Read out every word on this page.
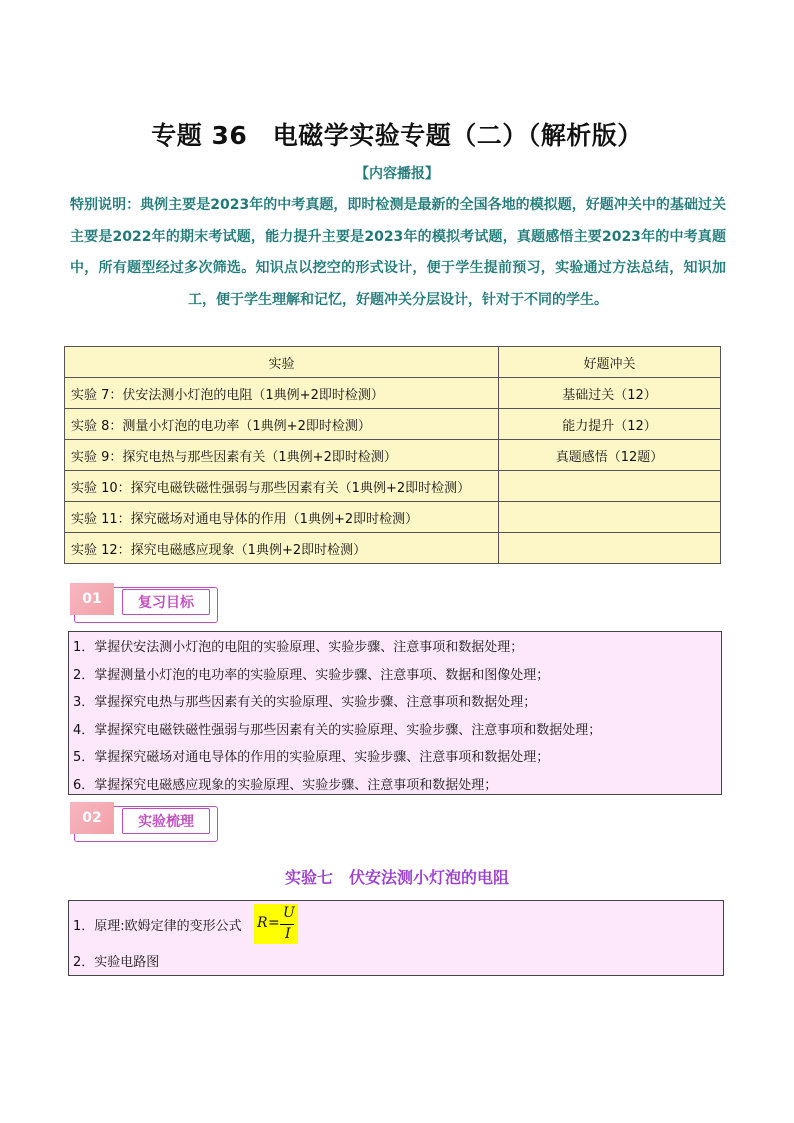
专题 36　电磁学实验专题（二）（解析版）
【内容播报】
特别说明：典例主要是2023年的中考真题，即时检测是最新的全国各地的模拟题，好题冲关中的基础过关主要是2022年的期末考试题，能力提升主要是2023年的模拟考试题，真题感悟主要2023年的中考真题中，所有题型经过多次筛选。知识点以挖空的形式设计，便于学生提前预习，实验通过方法总结，知识加工，便于学生理解和记忆，好题冲关分层设计，针对于不同的学生。
实验	好题冲关
实验 7：伏安法测小灯泡的电阻（1典例+2即时检测）	基础过关（12）
实验 8：测量小灯泡的电功率（1典例+2即时检测）	能力提升（12）
实验 9：探究电热与那些因素有关（1典例+2即时检测）	真题感悟（12题）
实验 10：探究电磁铁磁性强弱与那些因素有关（1典例+2即时检测）	
实验 11：探究磁场对通电导体的作用（1典例+2即时检测）	
实验 12：探究电磁感应现象（1典例+2即时检测）	
01	复习目标
1．掌握伏安法测小灯泡的电阻的实验原理、实验步骤、注意事项和数据处理；
2．掌握测量小灯泡的电功率的实验原理、实验步骤、注意事项、数据和图像处理；
3．掌握探究电热与那些因素有关的实验原理、实验步骤、注意事项和数据处理；
4．掌握探究电磁铁磁性强弱与那些因素有关的实验原理、实验步骤、注意事项和数据处理；
5．掌握探究磁场对通电导体的作用的实验原理、实验步骤、注意事项和数据处理；
6．掌握探究电磁感应现象的实验原理、实验步骤、注意事项和数据处理；
02	实验梳理
实验七　伏安法测小灯泡的电阻
1．原理:欧姆定律的变形公式 R =
U
I
2．实验电路图
